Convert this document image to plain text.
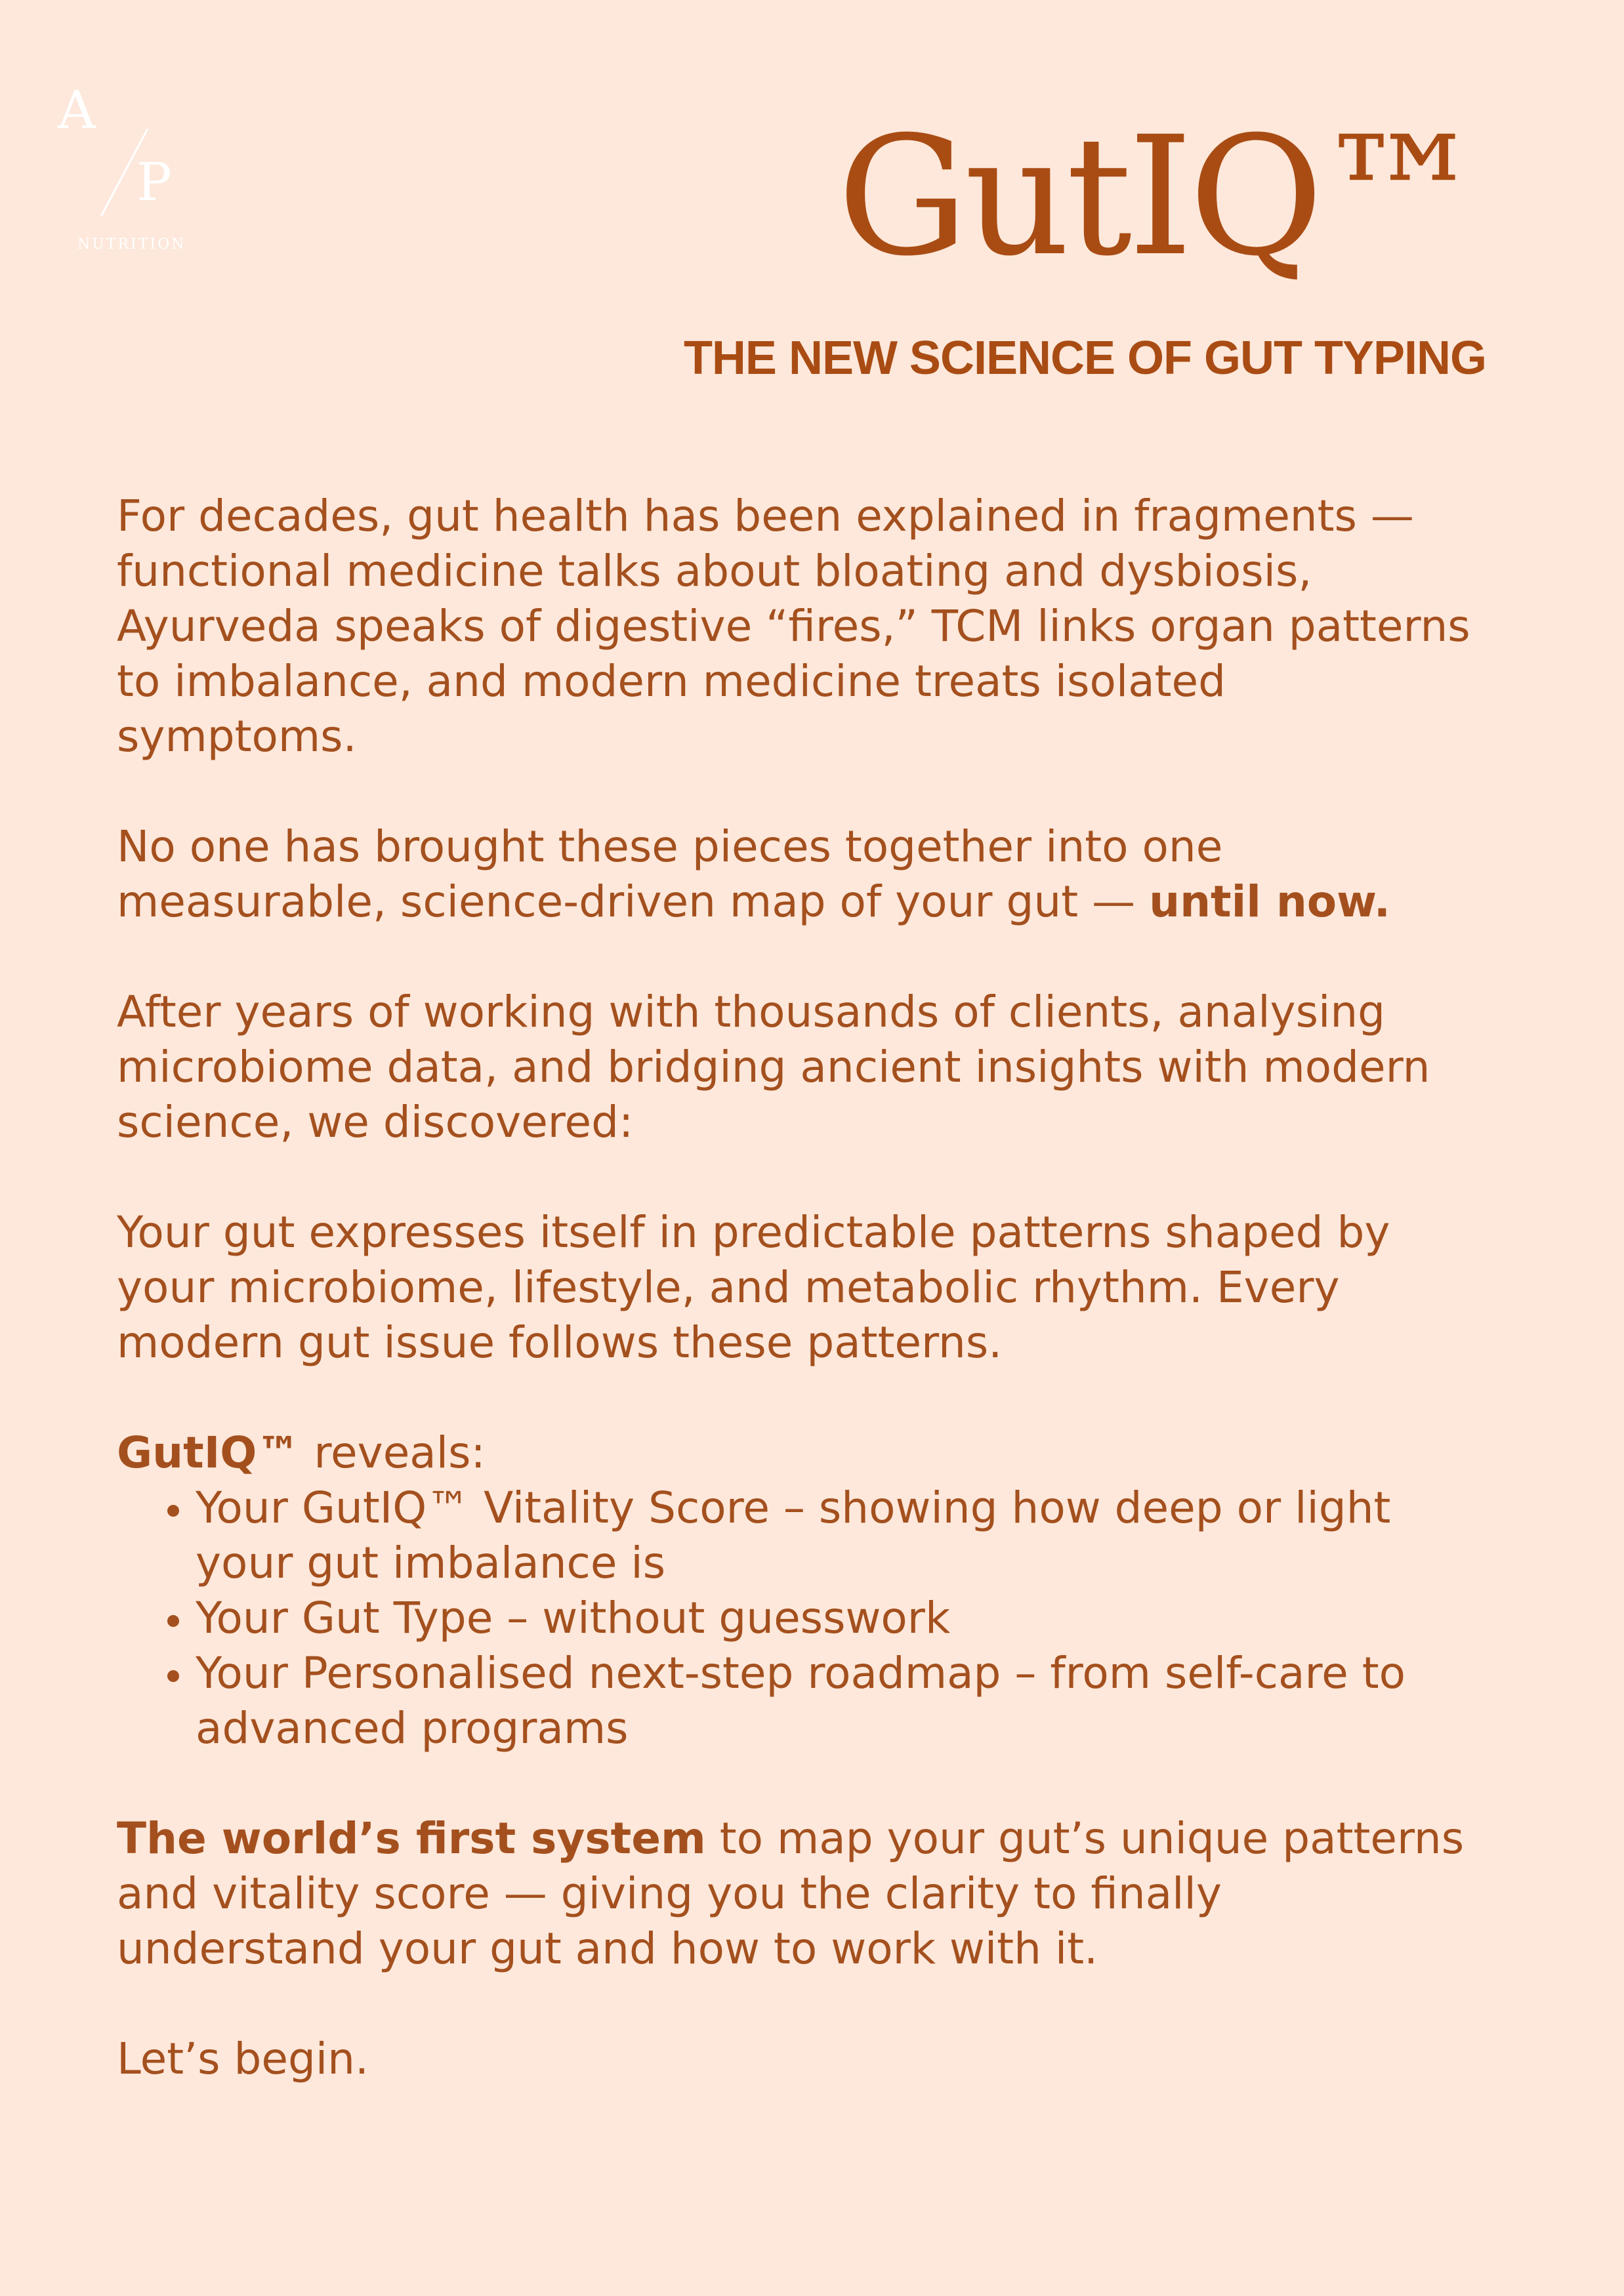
A
P
NUTRITION	GutIQ™
THE NEW SCIENCE OF GUT TYPING

For decades, gut health has been explained in fragments —
functional medicine talks about bloating and dysbiosis,
Ayurveda speaks of digestive “fires,” TCM links organ patterns
to imbalance, and modern medicine treats isolated
symptoms.

No one has brought these pieces together into one
measurable, science-driven map of your gut — until now.

After years of working with thousands of clients, analysing
microbiome data, and bridging ancient insights with modern
science, we discovered:

Your gut expresses itself in predictable patterns shaped by
your microbiome, lifestyle, and metabolic rhythm. Every
modern gut issue follows these patterns.

GutIQ™ reveals:

• Your GutIQ™ Vitality Score – showing how deep or light
your gut imbalance is
• Your Gut Type – without guesswork
• Your Personalised next-step roadmap – from self-care to
advanced programs

The world’s first system to map your gut’s unique patterns
and vitality score — giving you the clarity to finally
understand your gut and how to work with it.

Let’s begin.
